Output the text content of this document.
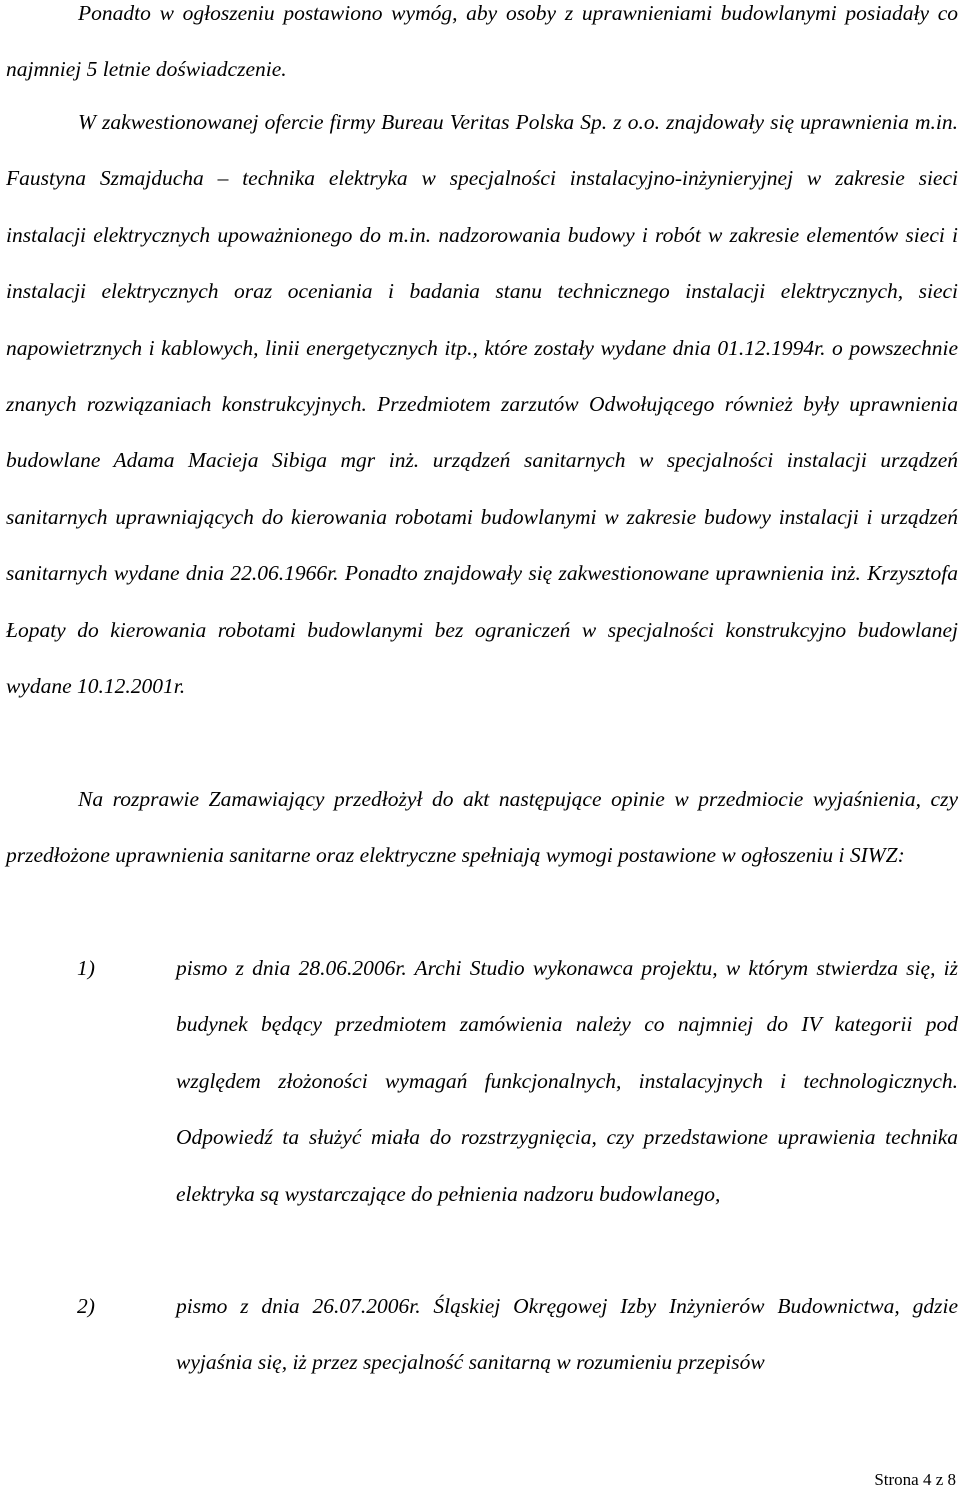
Ponadto w ogłoszeniu postawiono wymóg, aby osoby z uprawnieniami budowlanymi posiadały co najmniej 5 letnie doświadczenie.

W zakwestionowanej ofercie firmy Bureau Veritas Polska Sp. z o.o. znajdowały się uprawnienia m.in. Faustyna Szmajducha – technika elektryka w specjalności instalacyjno-inżynieryjnej w zakresie sieci instalacji elektrycznych upoważnionego do m.in. nadzorowania budowy i robót w zakresie elementów sieci i instalacji elektrycznych oraz oceniania i badania stanu technicznego instalacji elektrycznych, sieci napowietrznych i kablowych, linii energetycznych itp., które zostały wydane dnia 01.12.1994r. o powszechnie znanych rozwiązaniach konstrukcyjnych. Przedmiotem zarzutów Odwołującego również były uprawnienia budowlane Adama Macieja Sibiga mgr inż. urządzeń sanitarnych w specjalności instalacji urządzeń sanitarnych uprawniających do kierowania robotami budowlanymi w zakresie budowy instalacji i urządzeń sanitarnych wydane dnia 22.06.1966r. Ponadto znajdowały się zakwestionowane uprawnienia inż. Krzysztofa Łopaty do kierowania robotami budowlanymi bez ograniczeń w specjalności konstrukcyjno budowlanej wydane 10.12.2001r.

Na rozprawie Zamawiający przedłożył do akt następujące opinie w przedmiocie wyjaśnienia, czy przedłożone uprawnienia sanitarne oraz elektryczne spełniają wymogi postawione w ogłoszeniu i SIWZ:

1)	pismo z dnia 28.06.2006r. Archi Studio wykonawca projektu, w którym stwierdza się, iż budynek będący przedmiotem zamówienia należy co najmniej do IV kategorii pod względem złożoności wymagań funkcjonalnych, instalacyjnych i technologicznych. Odpowiedź ta służyć miała do rozstrzygnięcia, czy przedstawione uprawienia technika elektryka są wystarczające do pełnienia nadzoru budowlanego,

2)	pismo z dnia 26.07.2006r. Śląskiej Okręgowej Izby Inżynierów Budownictwa, gdzie wyjaśnia się, iż przez specjalność sanitarną w rozumieniu przepisów

Strona 4 z 8
